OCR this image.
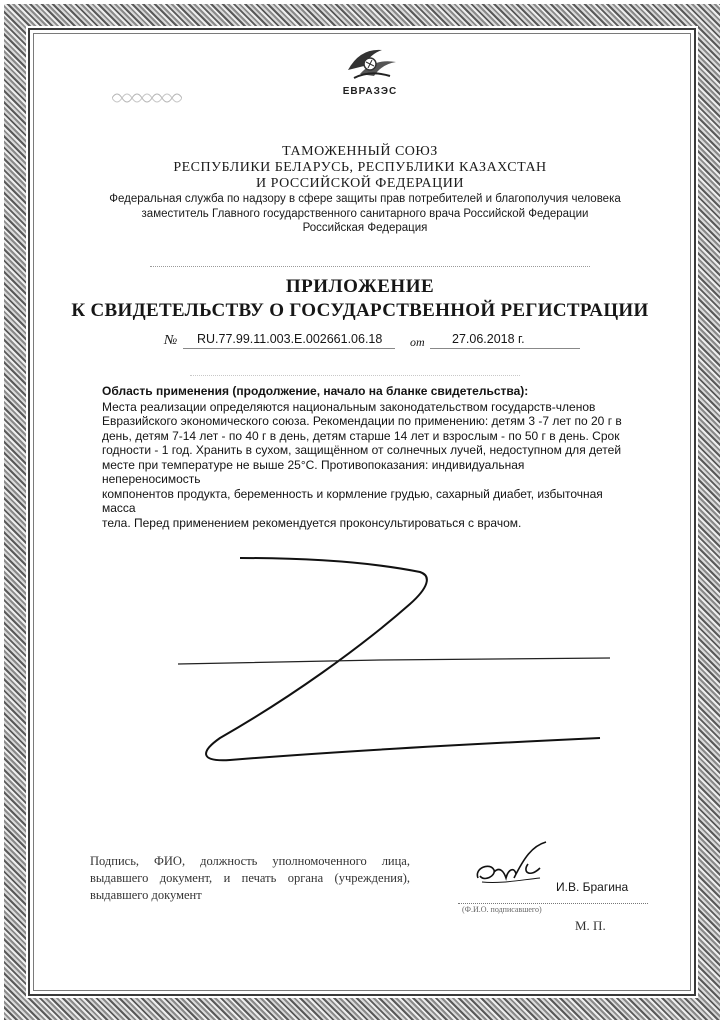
ЕВРАЗЭС
ТАМОЖЕННЫЙ СОЮЗ
РЕСПУБЛИКИ БЕЛАРУСЬ, РЕСПУБЛИКИ КАЗАХСТАН
И РОССИЙСКОЙ ФЕДЕРАЦИИ
Федеральная служба по надзору в сфере защиты прав потребителей и благополучия человека
заместитель Главного государственного санитарного врача Российской Федерации
Российская Федерация
ПРИЛОЖЕНИЕ
К СВИДЕТЕЛЬСТВУ О ГОСУДАРСТВЕННОЙ РЕГИСТРАЦИИ
№ RU.77.99.11.003.Е.002661.06.18 от 27.06.2018 г.
Область применения (продолжение, начало на бланке свидетельства):
Места реализации определяются национальным законодательством государств-членов
Евразийского экономического союза. Рекомендации по применению: детям 3 -7 лет по 20 г в
день, детям 7-14 лет - по 40 г в день, детям старше 14 лет и взрослым - по 50 г в день. Срок
годности - 1 год. Хранить в сухом, защищённом от солнечных лучей, недоступном для детей
месте при температуре не выше 25°С. Противопоказания: индивидуальная непереносимость
компонентов продукта, беременность и кормление грудью, сахарный диабет, избыточная масса
тела. Перед применением рекомендуется проконсультироваться с врачом.
Подпись, ФИО, должность уполномоченного лица, выдавшего документ, и печать органа (учреждения), выдавшего документ
И.В. Брагина
(Ф.И.О. подписавшего)
М. П.
